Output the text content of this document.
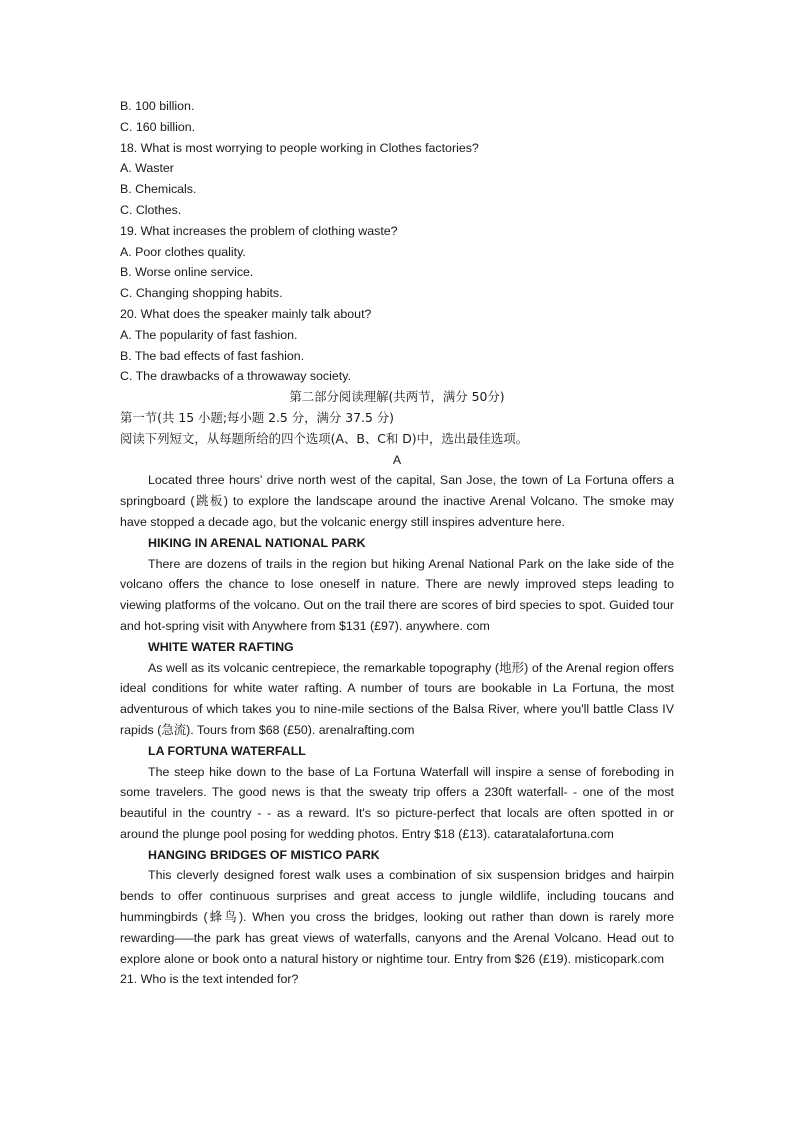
B. 100 billion.

C. 160 billion.

18. What is most worrying to people working in Clothes factories?

A. Waster

B. Chemicals.

C. Clothes.

19. What increases the problem of clothing waste?

A. Poor clothes quality.

B. Worse online service.

C. Changing shopping habits.

20. What does the speaker mainly talk about?

A. The popularity of fast fashion.

B. The bad effects of fast fashion.

C. The drawbacks of a throwaway society.

第二部分阅读理解(共两节，满分 50分)

第一节(共 15 小题;每小题 2.5 分，满分 37.5 分)

阅读下列短文，从每题所给的四个选项(A、B、C和 D)中，选出最佳选项。

A

Located three hours' drive north west of the capital, San Jose, the town of La Fortuna offers a springboard (跳板) to explore the landscape around the inactive Arenal Volcano. The smoke may have stopped a decade ago, but the volcanic energy still inspires adventure here.

HIKING IN ARENAL NATIONAL PARK

There are dozens of trails in the region but hiking Arenal National Park on the lake side of the volcano offers the chance to lose oneself in nature. There are newly improved steps leading to viewing platforms of the volcano. Out on the trail there are scores of bird species to spot. Guided tour and hot-spring visit with Anywhere from $131 (£97). anywhere. com

WHITE WATER RAFTING

As well as its volcanic centrepiece, the remarkable topography (地形) of the Arenal region offers ideal conditions for white water rafting. A number of tours are bookable in La Fortuna, the most adventurous of which takes you to nine-mile sections of the Balsa River, where you'll battle Class IV rapids (急流). Tours from $68 (£50). arenalrafting.com

LA FORTUNA WATERFALL

The steep hike down to the base of La Fortuna Waterfall will inspire a sense of foreboding in some travelers. The good news is that the sweaty trip offers a 230ft waterfall- - one of the most beautiful in the country - - as a reward. It's so picture-perfect that locals are often spotted in or around the plunge pool posing for wedding photos. Entry $18 (£13). cataratalafortuna.com

HANGING BRIDGES OF MISTICO PARK

This cleverly designed forest walk uses a combination of six suspension bridges and hairpin bends to offer continuous surprises and great access to jungle wildlife, including toucans and hummingbirds (蜂鸟). When you cross the bridges, looking out rather than down is rarely more rewarding–—the park has great views of waterfalls, canyons and the Arenal Volcano. Head out to explore alone or book onto a natural history or nightime tour. Entry from $26 (£19). misticopark.com

21. Who is the text intended for?
